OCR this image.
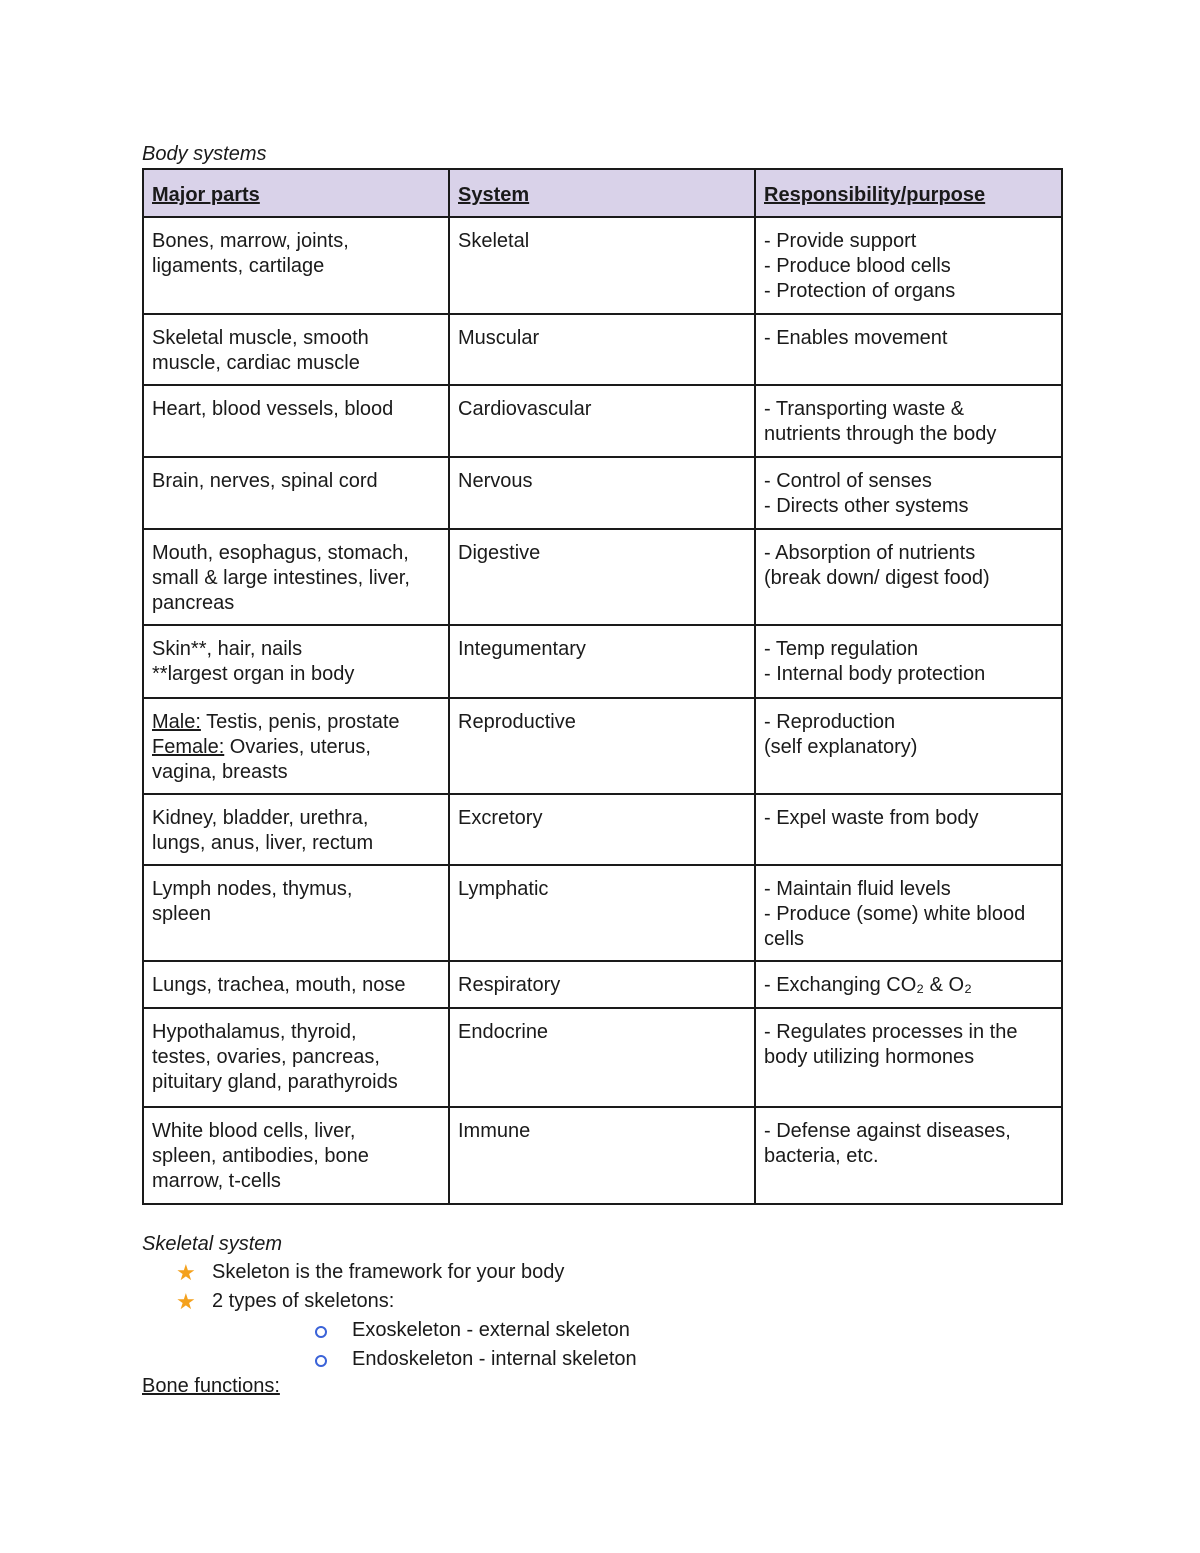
Body systems
Major parts	System	Responsibility/purpose

Bones, marrow, joints,
ligaments, cartilage	Skeletal	- Provide support
- Produce blood cells
- Protection of organs

Skeletal muscle, smooth
muscle, cardiac muscle	Muscular	- Enables movement

Heart, blood vessels, blood	Cardiovascular	- Transporting waste &
nutrients through the body

Brain, nerves, spinal cord	Nervous	- Control of senses
- Directs other systems

Mouth, esophagus, stomach,
small & large intestines, liver,
pancreas	Digestive	- Absorption of nutrients
(break down/ digest food)

Skin**, hair, nails
**largest organ in body	Integumentary	- Temp regulation
- Internal body protection

Male: Testis, penis, prostate
Female: Ovaries, uterus,
vagina, breasts	Reproductive	- Reproduction
(self explanatory)

Kidney, bladder, urethra,
lungs, anus, liver, rectum	Excretory	- Expel waste from body

Lymph nodes, thymus,
spleen	Lymphatic	- Maintain fluid levels
- Produce (some) white blood
cells

Lungs, trachea, mouth, nose	Respiratory	- Exchanging CO₂ & O₂

Hypothalamus, thyroid,
testes, ovaries, pancreas,
pituitary gland, parathyroids	Endocrine	- Regulates processes in the
body utilizing hormones

White blood cells, liver,
spleen, antibodies, bone
marrow, t-cells	Immune	- Defense against diseases,
bacteria, etc.
Skeletal system
★ Skeleton is the framework for your body
★ 2 types of skeletons:
Exoskeleton - external skeleton
Endoskeleton - internal skeleton
Bone functions:
